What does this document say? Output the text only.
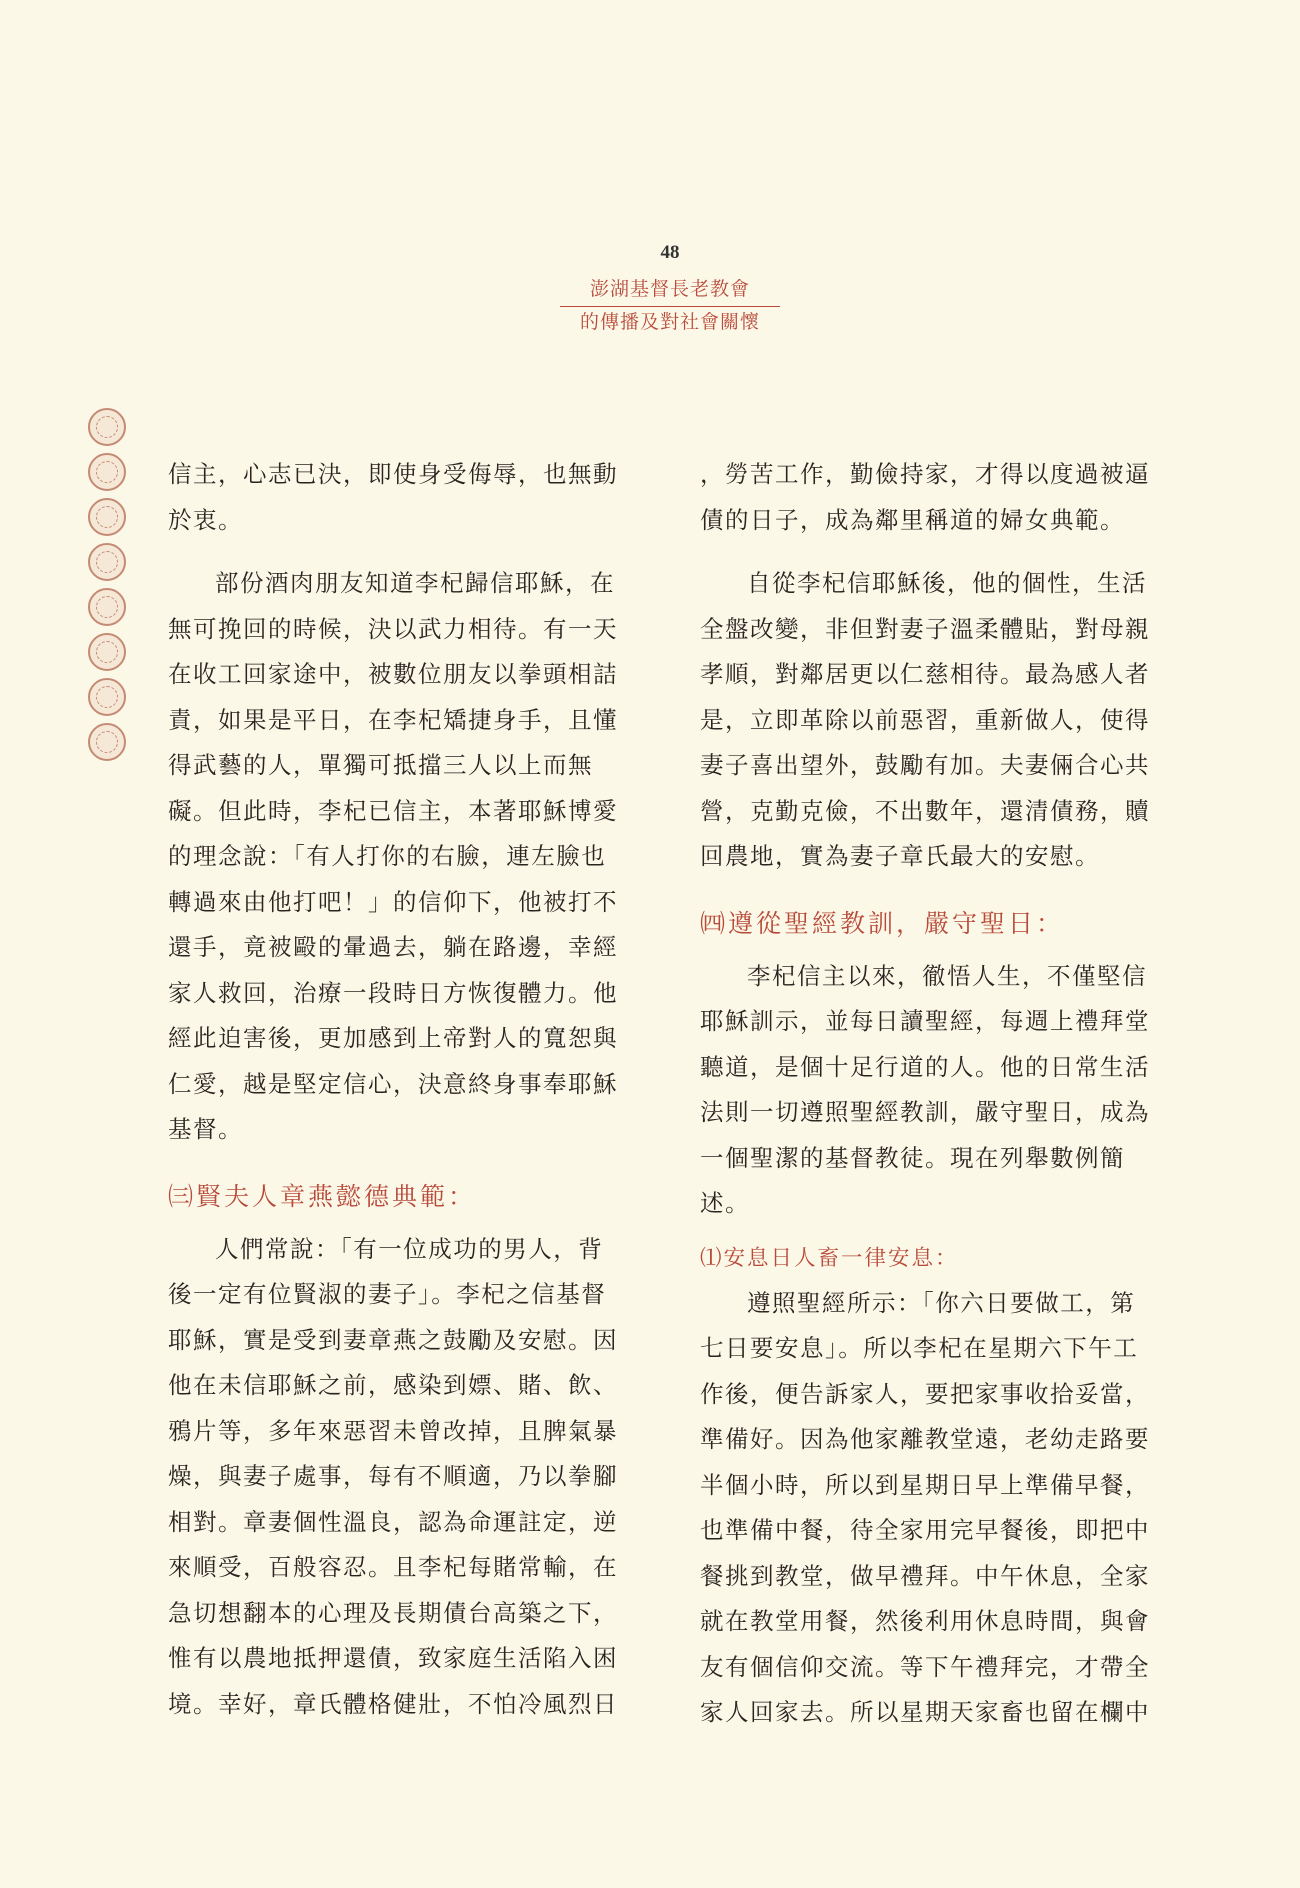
48
澎湖基督長老教會
的傳播及對社會關懷

信主，心志已決，即使身受侮辱，也無動於衷。

部份酒肉朋友知道李杞歸信耶穌，在無可挽回的時候，決以武力相待。有一天在收工回家途中，被數位朋友以拳頭相詰責，如果是平日，在李杞矯捷身手，且懂得武藝的人，單獨可抵擋三人以上而無礙。但此時，李杞已信主，本著耶穌博愛的理念說：「有人打你的右臉，連左臉也轉過來由他打吧！」的信仰下，他被打不還手，竟被毆的暈過去，躺在路邊，幸經家人救回，治療一段時日方恢復體力。他經此迫害後，更加感到上帝對人的寬恕與仁愛，越是堅定信心，決意終身事奉耶穌基督。

㈢賢夫人章燕懿德典範：

人們常說：「有一位成功的男人，背後一定有位賢淑的妻子」。李杞之信基督耶穌，實是受到妻章燕之鼓勵及安慰。因他在未信耶穌之前，感染到嫖、賭、飲、鴉片等，多年來惡習未曾改掉，且脾氣暴燥，與妻子處事，每有不順適，乃以拳腳相對。章妻個性溫良，認為命運註定，逆來順受，百般容忍。且李杞每賭常輸，在急切想翻本的心理及長期債台高築之下，惟有以農地抵押還債，致家庭生活陷入困境。幸好，章氏體格健壯，不怕冷風烈日

，勞苦工作，勤儉持家，才得以度過被逼債的日子，成為鄰里稱道的婦女典範。

自從李杞信耶穌後，他的個性，生活全盤改變，非但對妻子溫柔體貼，對母親孝順，對鄰居更以仁慈相待。最為感人者是，立即革除以前惡習，重新做人，使得妻子喜出望外，鼓勵有加。夫妻倆合心共營，克勤克儉，不出數年，還清債務，贖回農地，實為妻子章氏最大的安慰。

㈣遵從聖經教訓，嚴守聖日：

李杞信主以來，徹悟人生，不僅堅信耶穌訓示，並每日讀聖經，每週上禮拜堂聽道，是個十足行道的人。他的日常生活法則一切遵照聖經教訓，嚴守聖日，成為一個聖潔的基督教徒。現在列舉數例簡述。

⑴安息日人畜一律安息：

遵照聖經所示：「你六日要做工，第七日要安息」。所以李杞在星期六下午工作後，便告訴家人，要把家事收拾妥當，準備好。因為他家離教堂遠，老幼走路要半個小時，所以到星期日早上準備早餐，也準備中餐，待全家用完早餐後，即把中餐挑到教堂，做早禮拜。中午休息，全家就在教堂用餐，然後利用休息時間，與會友有個信仰交流。等下午禮拜完，才帶全家人回家去。所以星期天家畜也留在欄中
